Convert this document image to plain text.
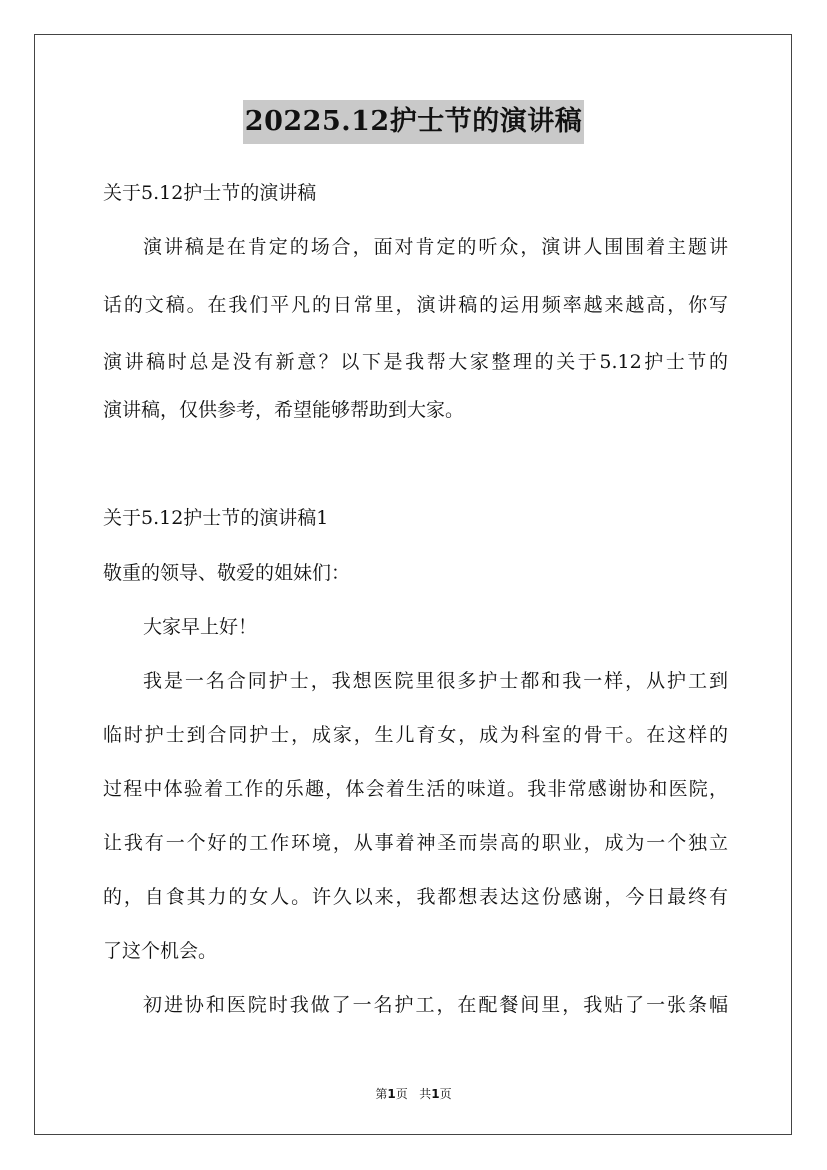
20225.12护士节的演讲稿
关于5.12护士节的演讲稿
演讲稿是在肯定的场合，面对肯定的听众，演讲人围围着主题讲
话的文稿。在我们平凡的日常里，演讲稿的运用频率越来越高，你写
演讲稿时总是没有新意？以下是我帮大家整理的关于5.12护士节的
演讲稿，仅供参考，希望能够帮助到大家。
关于5.12护士节的演讲稿1
敬重的领导、敬爱的姐妹们：
大家早上好！
我是一名合同护士，我想医院里很多护士都和我一样，从护工到
临时护士到合同护士，成家，生儿育女，成为科室的骨干。在这样的
过程中体验着工作的乐趣，体会着生活的味道。我非常感谢协和医院，
让我有一个好的工作环境，从事着神圣而崇高的职业，成为一个独立
的，自食其力的女人。许久以来，我都想表达这份感谢，今日最终有
了这个机会。
初进协和医院时我做了一名护工，在配餐间里，我贴了一张条幅
第1页 共1页
